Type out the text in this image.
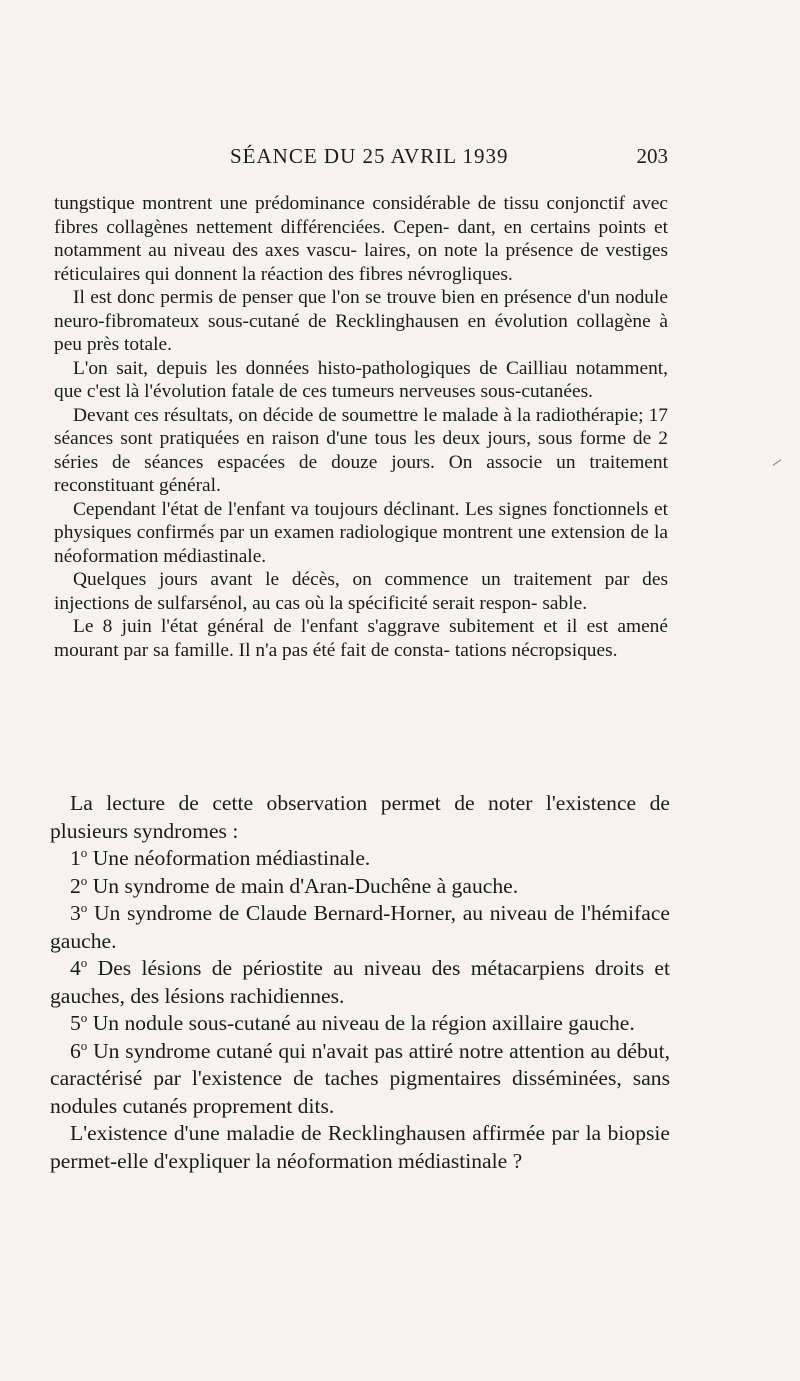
SÉANCE DU 25 AVRIL 1939	203

tungstique montrent une prédominance considérable de tissu conjonctif avec fibres collagènes nettement différenciées. Cepen- dant, en certains points et notamment au niveau des axes vascu- laires, on note la présence de vestiges réticulaires qui donnent la réaction des fibres névrogliques.

Il est donc permis de penser que l'on se trouve bien en présence d'un nodule neuro-fibromateux sous-cutané de Recklinghausen en évolution collagène à peu près totale.

L'on sait, depuis les données histo-pathologiques de Cailliau notamment, que c'est là l'évolution fatale de ces tumeurs nerveuses sous-cutanées.

Devant ces résultats, on décide de soumettre le malade à la radiothérapie; 17 séances sont pratiquées en raison d'une tous les deux jours, sous forme de 2 séries de séances espacées de douze jours. On associe un traitement reconstituant général.

Cependant l'état de l'enfant va toujours déclinant. Les signes fonctionnels et physiques confirmés par un examen radiologique montrent une extension de la néoformation médiastinale.

Quelques jours avant le décès, on commence un traitement par des injections de sulfarsénol, au cas où la spécificité serait respon- sable.

Le 8 juin l'état général de l'enfant s'aggrave subitement et il est amené mourant par sa famille. Il n'a pas été fait de consta- tations nécropsiques.

La lecture de cette observation permet de noter l'existence de plusieurs syndromes :

1$^o$ Une néoformation médiastinale.

2$^o$ Un syndrome de main d'Aran-Duchêne à gauche.

3$^o$ Un syndrome de Claude Bernard-Horner, au niveau de l'hémiface gauche.

4$^o$ Des lésions de périostite au niveau des métacarpiens droits et gauches, des lésions rachidiennes.

5$^o$ Un nodule sous-cutané au niveau de la région axillaire gauche.

6$^o$ Un syndrome cutané qui n'avait pas attiré notre attention au début, caractérisé par l'existence de taches pigmentaires disséminées, sans nodules cutanés proprement dits.

L'existence d'une maladie de Recklinghausen affirmée par la biopsie permet-elle d'expliquer la néoformation médiastinale ?
